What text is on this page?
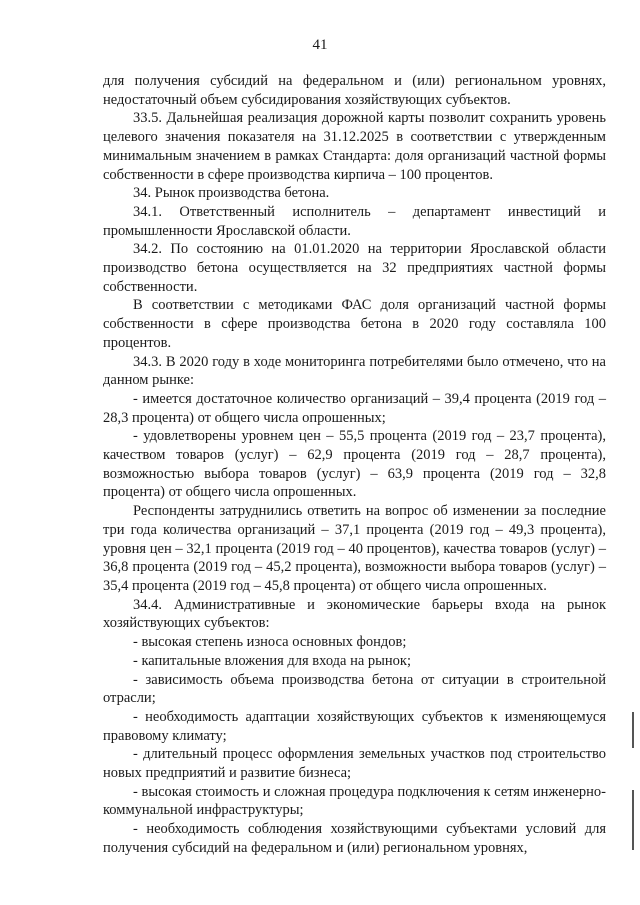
41

для получения субсидий на федеральном и (или) региональном уровнях, недостаточный объем субсидирования хозяйствующих субъектов.

33.5. Дальнейшая реализация дорожной карты позволит сохранить уровень целевого значения показателя на 31.12.2025 в соответствии с утвержденным минимальным значением в рамках Стандарта: доля организаций частной формы собственности в сфере производства кирпича – 100 процентов.

34. Рынок производства бетона.

34.1. Ответственный исполнитель – департамент инвестиций и промышленности Ярославской области.

34.2. По состоянию на 01.01.2020 на территории Ярославской области производство бетона осуществляется на 32 предприятиях частной формы собственности.

В соответствии с методиками ФАС доля организаций частной формы собственности в сфере производства бетона в 2020 году составляла 100 процентов.

34.3. В 2020 году в ходе мониторинга потребителями было отмечено, что на данном рынке:

- имеется достаточное количество организаций – 39,4 процента (2019 год – 28,3 процента) от общего числа опрошенных;

- удовлетворены уровнем цен – 55,5 процента (2019 год – 23,7 процента), качеством товаров (услуг) – 62,9 процента (2019 год – 28,7 процента), возможностью выбора товаров (услуг) – 63,9 процента (2019 год – 32,8 процента) от общего числа опрошенных.

Респонденты затруднились ответить на вопрос об изменении за последние три года количества организаций – 37,1 процента (2019 год – 49,3 процента), уровня цен – 32,1 процента (2019 год – 40 процентов), качества товаров (услуг) – 36,8 процента (2019 год – 45,2 процента), возможности выбора товаров (услуг) – 35,4 процента (2019 год – 45,8 процента) от общего числа опрошенных.

34.4. Административные и экономические барьеры входа на рынок хозяйствующих субъектов:

- высокая степень износа основных фондов;

- капитальные вложения для входа на рынок;

- зависимость объема производства бетона от ситуации в строительной отрасли;

- необходимость адаптации хозяйствующих субъектов к изменяющемуся правовому климату;

- длительный процесс оформления земельных участков под строительство новых предприятий и развитие бизнеса;

- высокая стоимость и сложная процедура подключения к сетям инженерно-коммунальной инфраструктуры;

- необходимость соблюдения хозяйствующими субъектами условий для получения субсидий на федеральном и (или) региональном уровнях,
